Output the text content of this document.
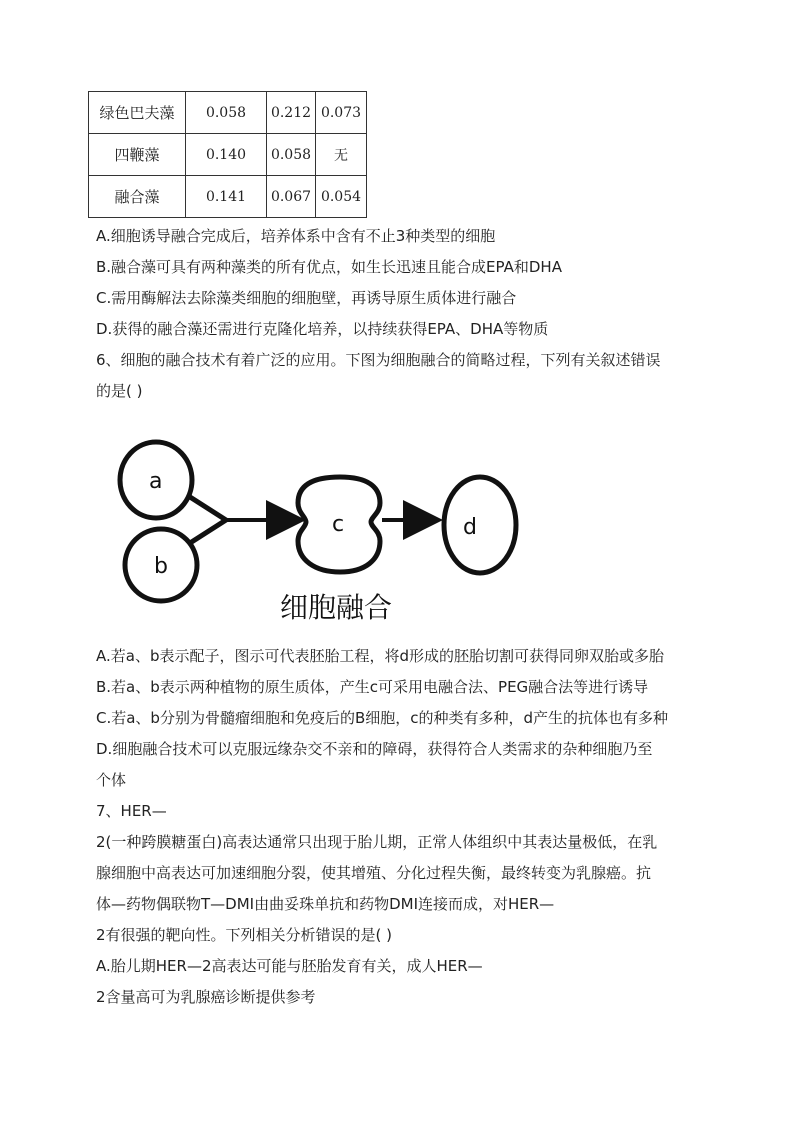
绿色巴夫藻	0.058	0.212	0.073
四鞭藻	0.140	0.058	无
融合藻	0.141	0.067	0.054
A.细胞诱导融合完成后，培养体系中含有不止3种类型的细胞
B.融合藻可具有两种藻类的所有优点，如生长迅速且能合成EPA和DHA
C.需用酶解法去除藻类细胞的细胞壁，再诱导原生质体进行融合
D.获得的融合藻还需进行克隆化培养，以持续获得EPA、DHA等物质
6、细胞的融合技术有着广泛的应用。下图为细胞融合的简略过程，下列有关叙述错误
的是( )
a
b
c	d
细胞融合
A.若a、b表示配子，图示可代表胚胎工程，将d形成的胚胎切割可获得同卵双胎或多胎
B.若a、b表示两种植物的原生质体，产生c可采用电融合法、PEG融合法等进行诱导
C.若a、b分别为骨髓瘤细胞和免疫后的B细胞，c的种类有多种，d产生的抗体也有多种
D.细胞融合技术可以克服远缘杂交不亲和的障碍，获得符合人类需求的杂种细胞乃至
个体
7、HER—
2(一种跨膜糖蛋白)高表达通常只出现于胎儿期，正常人体组织中其表达量极低，在乳
腺细胞中高表达可加速细胞分裂，使其增殖、分化过程失衡，最终转变为乳腺癌。抗
体—药物偶联物T—DMI由曲妥珠单抗和药物DMI连接而成，对HER—
2有很强的靶向性。下列相关分析错误的是( )
A.胎儿期HER—2高表达可能与胚胎发育有关，成人HER—
2含量高可为乳腺癌诊断提供参考
